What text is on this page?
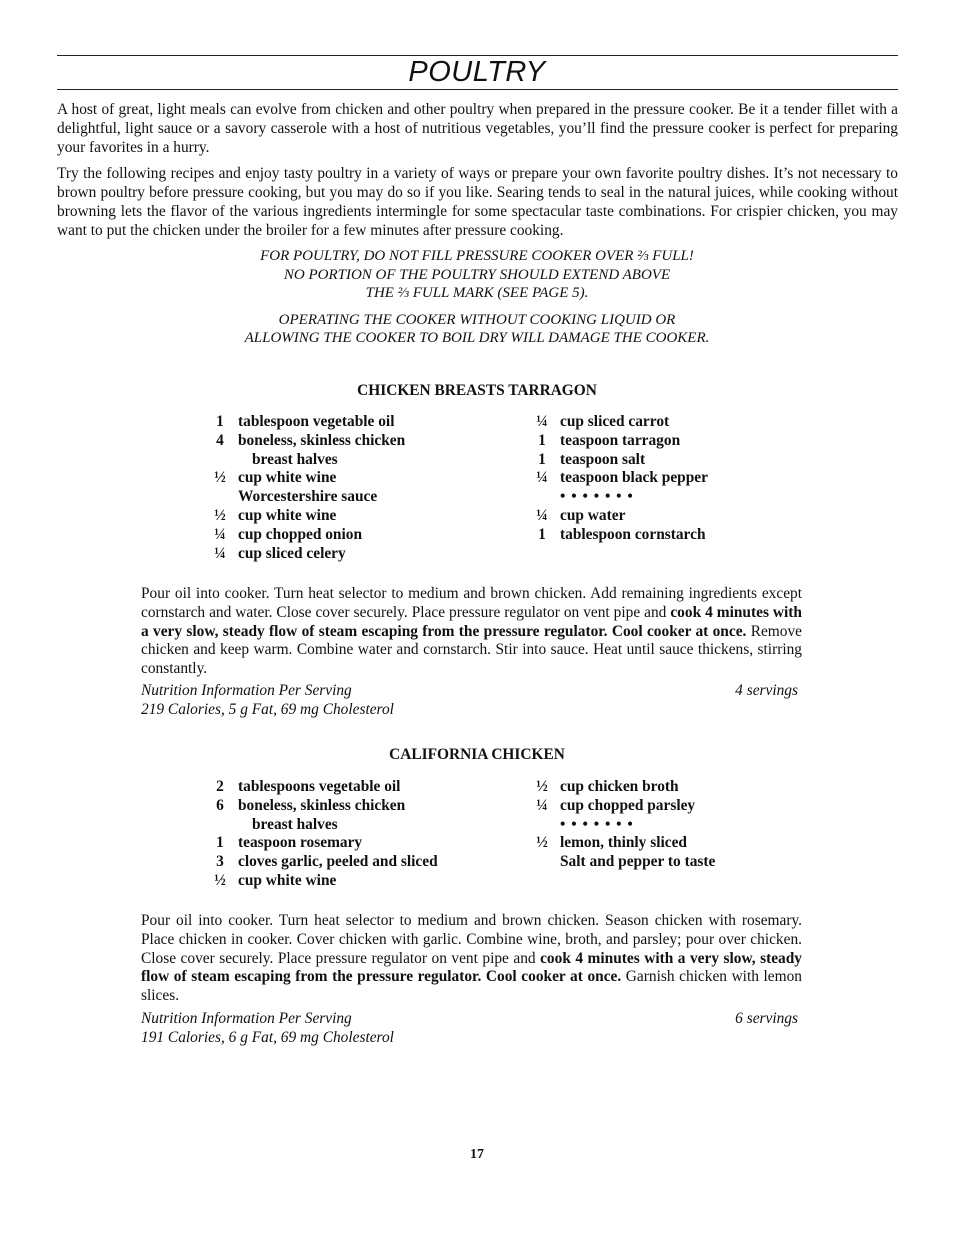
POULTRY

A host of great, light meals can evolve from chicken and other poultry when prepared in the pressure cooker. Be it a tender fillet with a delightful, light sauce or a savory casserole with a host of nutritious vegetables, you’ll find the pressure cooker is perfect for preparing your favorites in a hurry.

Try the following recipes and enjoy tasty poultry in a variety of ways or prepare your own favorite poultry dishes. It’s not necessary to brown poultry before pressure cooking, but you may do so if you like. Searing tends to seal in the natural juices, while cooking without browning lets the flavor of the various ingredients intermingle for some spectacular taste combinations. For crispier chicken, you may want to put the chicken under the broiler for a few minutes after pressure cooking.

FOR POULTRY, DO NOT FILL PRESSURE COOKER OVER ⅔ FULL!

NO PORTION OF THE POULTRY SHOULD EXTEND ABOVE

THE ⅔ FULL MARK (SEE PAGE 5).

OPERATING THE COOKER WITHOUT COOKING LIQUID OR

ALLOWING THE COOKER TO BOIL DRY WILL DAMAGE THE COOKER.

CHICKEN BREASTS TARRAGON

1 tablespoon vegetable oil
4 boneless, skinless chicken
breast halves
½ cup white wine
Worcestershire sauce
½ cup white wine
¼ cup chopped onion
¼ cup sliced celery
¼ cup sliced carrot
1 teaspoon tarragon
1 teaspoon salt
¼ teaspoon black pepper
• • • • • • •
¼ cup water
1 tablespoon cornstarch

Pour oil into cooker. Turn heat selector to medium and brown chicken. Add remaining ingredients except cornstarch and water. Close cover securely. Place pressure regulator on vent pipe and cook 4 minutes with a very slow, steady flow of steam escaping from the pressure regulator. Cool cooker at once. Remove chicken and keep warm. Combine water and cornstarch. Stir into sauce. Heat until sauce thickens, stirring constantly.

Nutrition Information Per Serving	4 servings
219 Calories, 5 g Fat, 69 mg Cholesterol

CALIFORNIA CHICKEN

2 tablespoons vegetable oil
6 boneless, skinless chicken
breast halves
1 teaspoon rosemary
3 cloves garlic, peeled and sliced
½ cup white wine
½ cup chicken broth
¼ cup chopped parsley
• • • • • • •
½ lemon, thinly sliced
Salt and pepper to taste

Pour oil into cooker. Turn heat selector to medium and brown chicken. Season chicken with rosemary. Place chicken in cooker. Cover chicken with garlic. Combine wine, broth, and parsley; pour over chicken. Close cover securely. Place pressure regulator on vent pipe and cook 4 minutes with a very slow, steady flow of steam escaping from the pressure regulator. Cool cooker at once. Garnish chicken with lemon slices.

Nutrition Information Per Serving	6 servings
191 Calories, 6 g Fat, 69 mg Cholesterol
17
